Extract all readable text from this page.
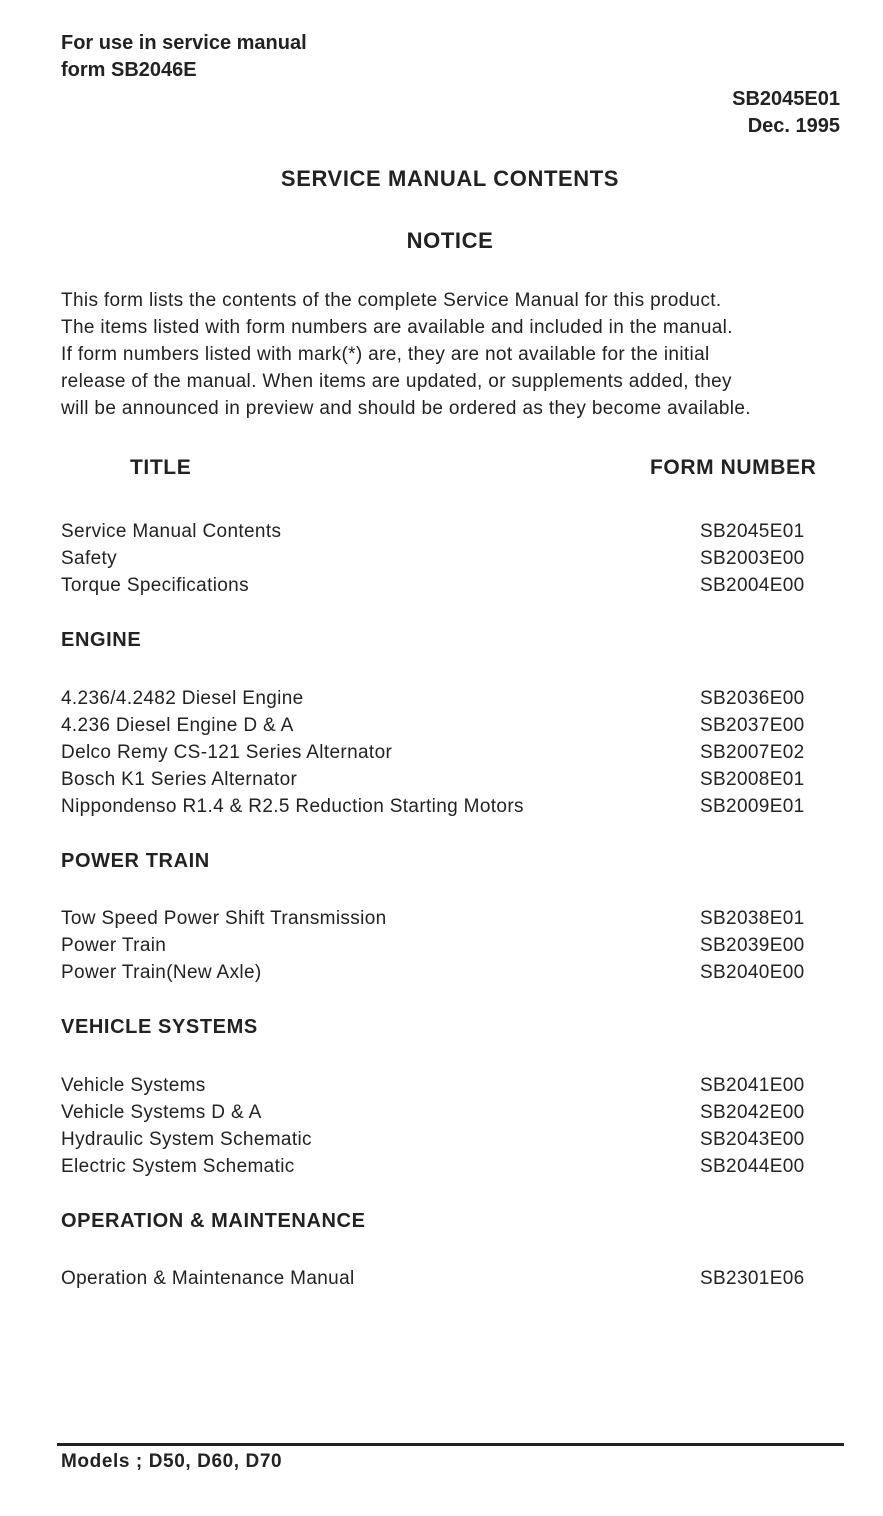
For use in service manual
form SB2046E
SB2045E01
Dec. 1995
SERVICE MANUAL CONTENTS
NOTICE
This form lists the contents of the complete Service Manual for this product.
The items listed with form numbers are available and included in the manual.
If form numbers listed with mark(*) are, they are not available for the initial
release of the manual. When items are updated, or supplements added, they
will be announced in preview and should be ordered as they become available.
TITLE	FORM NUMBER
Service Manual Contents	SB2045E01
Safety	SB2003E00
Torque Specifications	SB2004E00
ENGINE
4.236/4.2482 Diesel Engine	SB2036E00
4.236 Diesel Engine D & A	SB2037E00
Delco Remy CS-121 Series Alternator	SB2007E02
Bosch K1 Series Alternator	SB2008E01
Nippondenso R1.4 & R2.5 Reduction Starting Motors	SB2009E01
POWER TRAIN
Tow Speed Power Shift Transmission	SB2038E01
Power Train	SB2039E00
Power Train(New Axle)	SB2040E00
VEHICLE SYSTEMS
Vehicle Systems	SB2041E00
Vehicle Systems D & A	SB2042E00
Hydraulic System Schematic	SB2043E00
Electric System Schematic	SB2044E00
OPERATION & MAINTENANCE
Operation & Maintenance Manual	SB2301E06
Models ; D50, D60, D70
